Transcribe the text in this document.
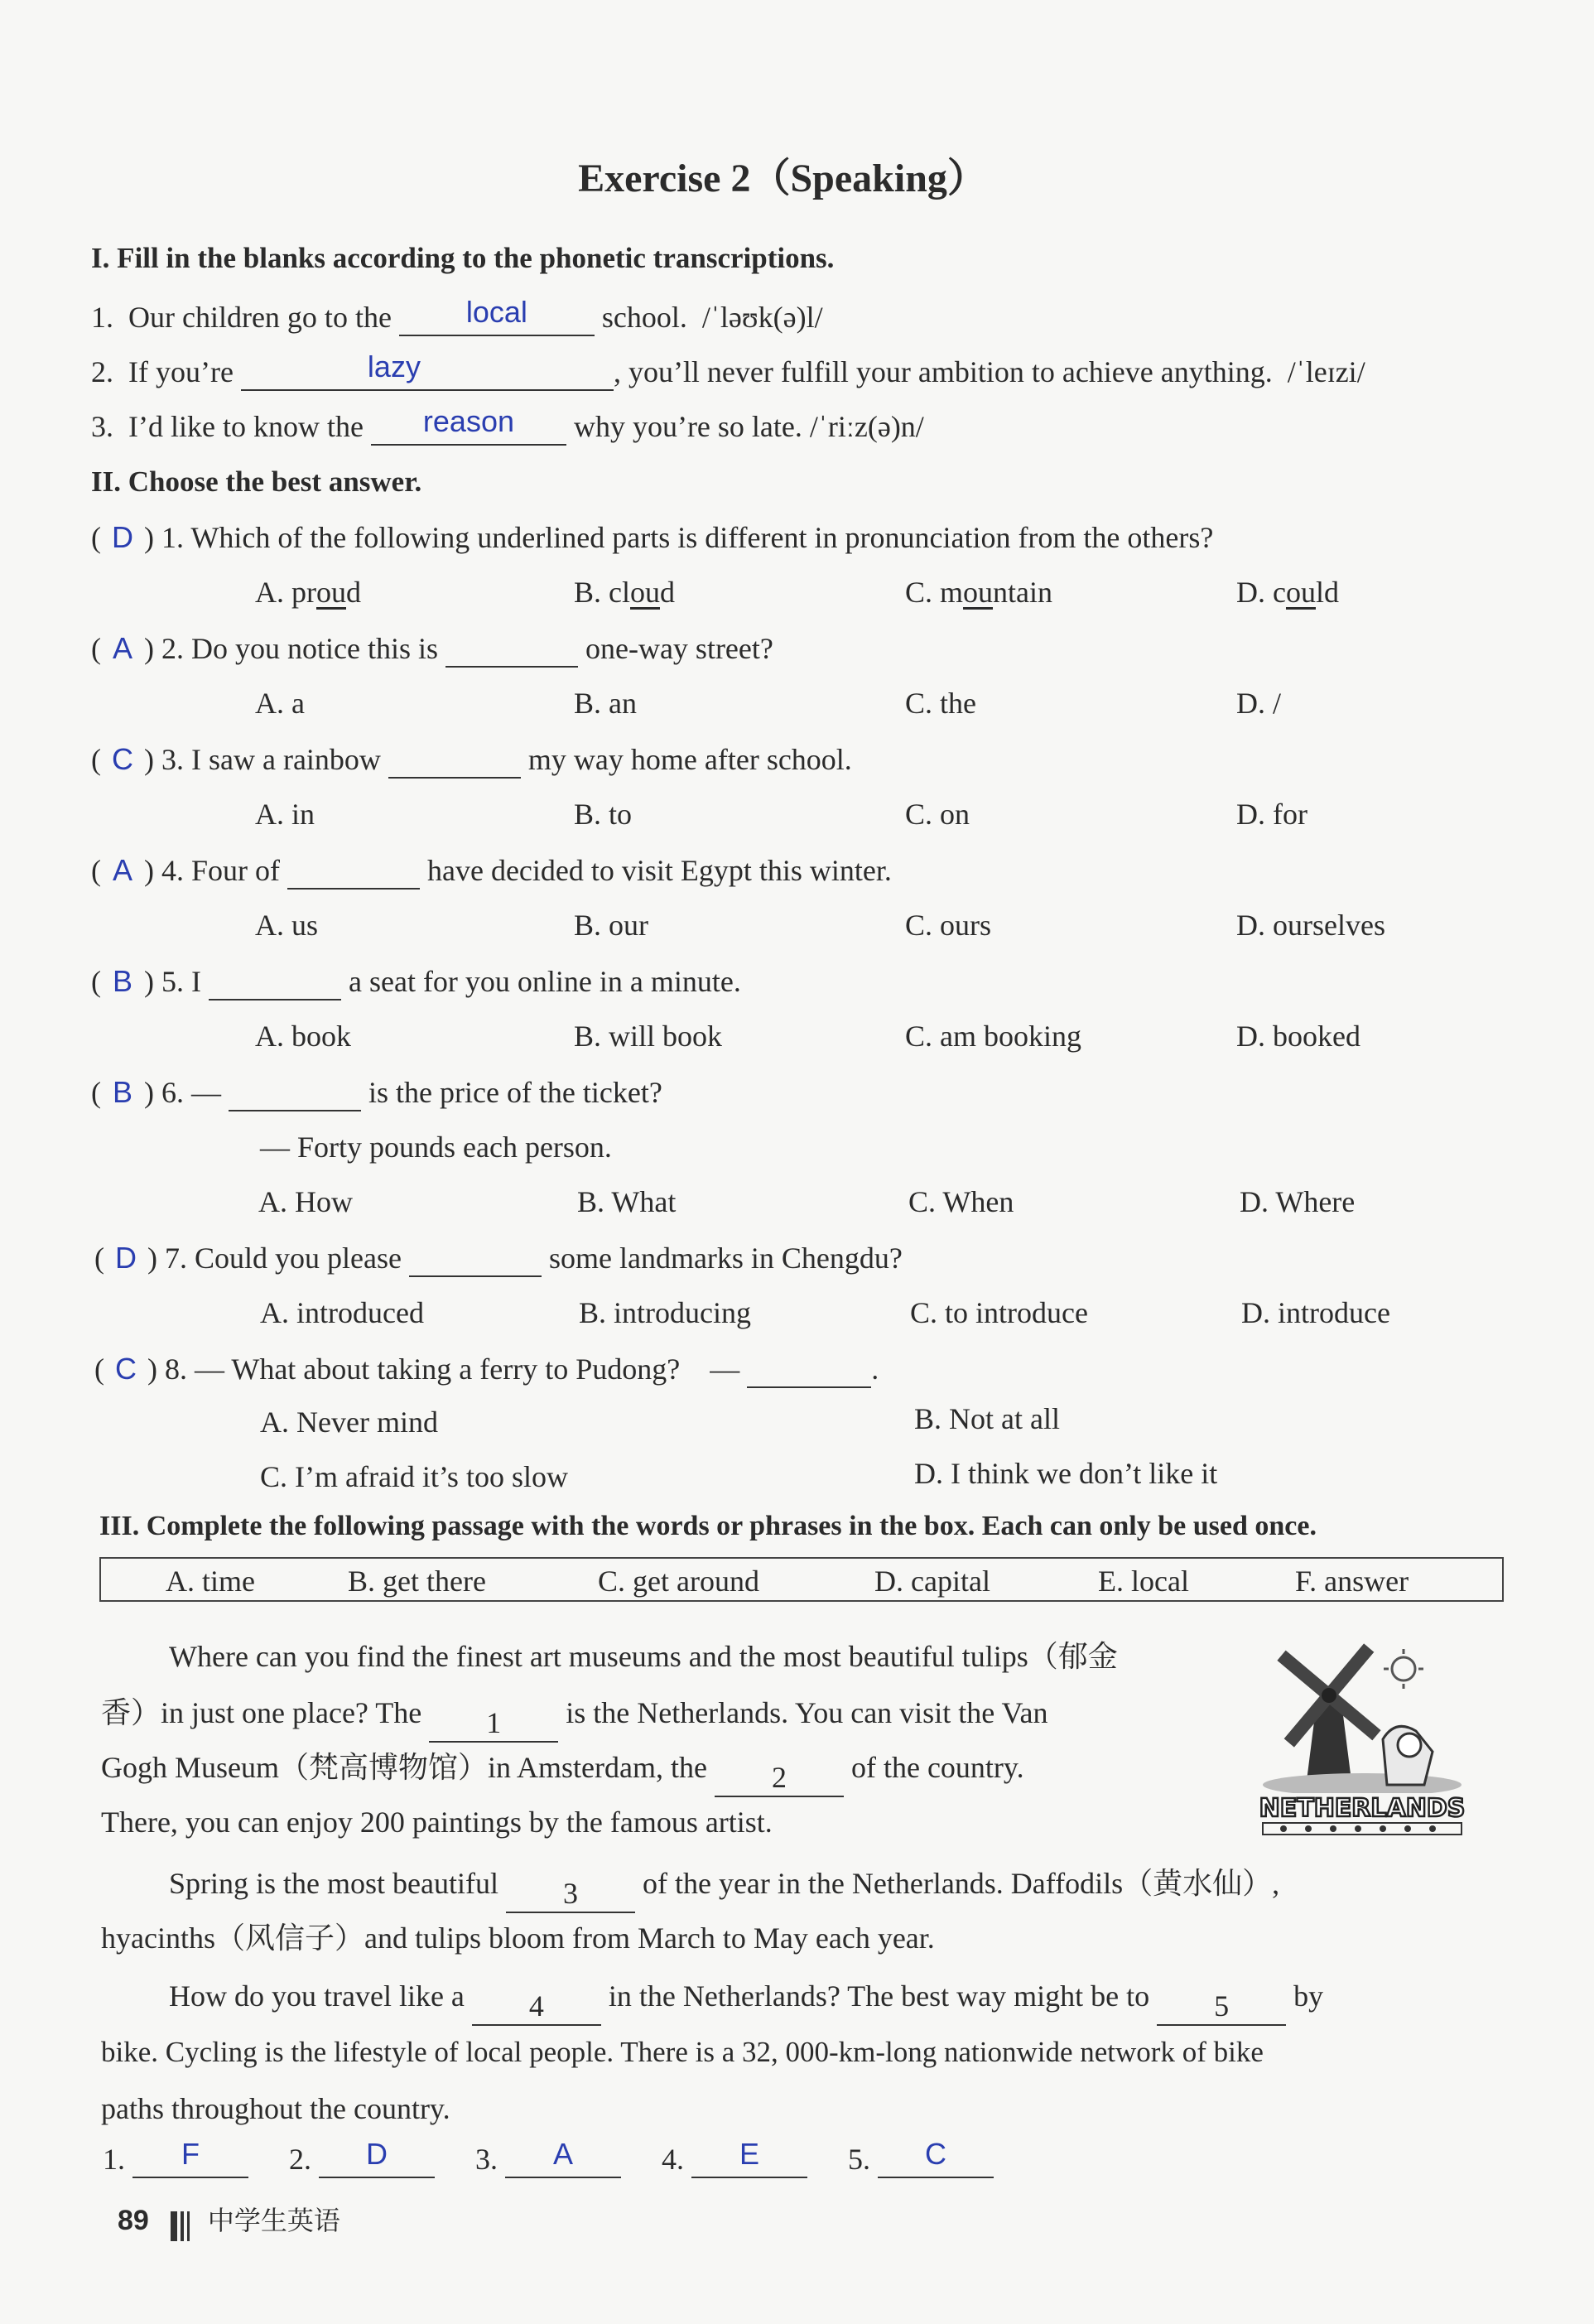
Exercise 2（Speaking）
I. Fill in the blanks according to the phonetic transcriptions.
1. Our children go to the	local	school. /ˈləʊk(ə)l/
2. If you’re	lazy	, you’ll never fulfill your ambition to achieve anything. /ˈleɪzi/
3. I’d like to know the	reason	why you’re so late. /ˈriːz(ə)n/
II. Choose the best answer.
( D ) 1. Which of the following underlined parts is different in pronunciation from the others?
A. proud	B. cloud	C. mountain	D. could
( A ) 2. Do you notice this is	one-way street?
A. a	B. an	C. the	D. /
( C ) 3. I saw a rainbow	my way home after school.
A. in	B. to	C. on	D. for
( A ) 4. Four of	have decided to visit Egypt this winter.
A. us	B. our	C. ours	D. ourselves
( B ) 5. I	a seat for you online in a minute.
A. book	B. will book	C. am booking	D. booked
( B ) 6. —	is the price of the ticket?
— Forty pounds each person.
A. How	B. What	C. When	D. Where
( D ) 7. Could you please	some landmarks in Chengdu?
A. introduced	B. introducing	C. to introduce	D. introduce
( C ) 8. — What about taking a ferry to Pudong? —	.
A. Never mind	B. Not at all
C. I’m afraid it’s too slow	D. I think we don’t like it
III. Complete the following passage with the words or phrases in the box. Each can only be used once.
A. time	B. get there	C. get around	D. capital	E. local	F. answer
Where can you find the finest art museums and the most beautiful tulips（郁金
香）in just one place? The	1	is the Netherlands. You can visit the Van
Gogh Museum（梵高博物馆）in Amsterdam, the	2	of the country.
There, you can enjoy 200 paintings by the famous artist.	NETHERLANDS
Spring is the most beautiful	3	of the year in the Netherlands. Daffodils（黄水仙）,
hyacinths（风信子）and tulips bloom from March to May each year.
How do you travel like a	4	in the Netherlands? The best way might be to	5	by
bike. Cycling is the lifestyle of local people. There is a 32, 000-km-long nationwide network of bike
paths throughout the country.
1.	F	2.	D	3.	A	4.	E	5.	C

89 中学生英语
